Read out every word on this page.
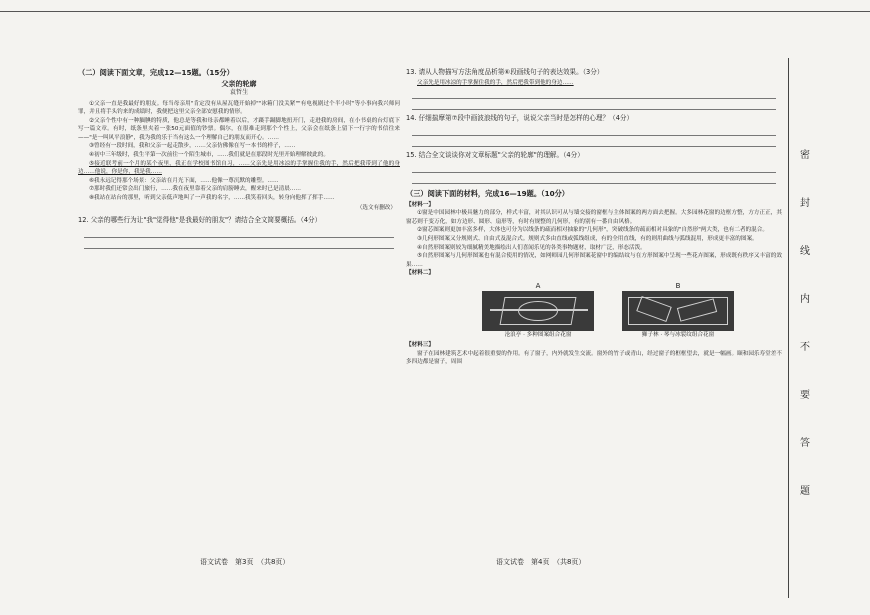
（二）阅读下面文章，完成12—15题。（15分）
父亲的轮廓
袁哲生

①父亲一直是我最好的朋友。每当母亲用"肯定没有从屋瓦缝开始掉""冰箱门没关紧""有电视剧过个半小时"等小事向我兴师问罪，并且将手头钓来的成绩时，我便把这里父亲全部安慰我的情形。

②父亲个性中有一种腼腆的特质，他总是等我和母亲都睡着以后，才蹑手蹑脚地扭开门，走进我的房间，在小书桌的台灯底下写一篇文章。有时，纸条里夹着一张50元面值的钞票。偶尔，在很难走到那个个性上，父亲会在纸条上留下一行字的书信往来——"是一叫风平浪静"，我为我的乐于当有这么一个理解自己的朋友而开心。……

③曾经有一段时间，我和父亲一起走散步，……父亲仿佛像在写一本书的样子，……

④初中三年级时，我生平第一次前往一个陌生城市，……我们就是在那段时光里开始理解彼此的。

⑤接近联考前一个月的某个夜里，我正在学校图书馆自习，……父亲先是用冰凉的手掌握住我的手，然后把我带到了他的身边……他说，你是你，我是我……

⑥我永远记得那个场景：父亲站在月光下面，……他像一尊沉默的雕塑。……

⑦那时我们还常会出门旅行，……我在夜里靠着父亲的肩膀睡去，醒来时已是清晨……

⑧我站在站台的那里，听到父亲低声地叫了一声我的名字，……我笑着回头，转身向他挥了挥手……

（选文有删改）

12. 父亲的哪些行为让"我"觉得他"是我最好的朋友"？请结合全文简要概括。（4分）

13. 请从人物描写方法角度品析第⑥段画线句子的表达效果。（3分）

父亲先是用冰凉的手掌握住我的手，然后把我带到他的身边……

14. 仔细揣摩第⑦段中画波浪线的句子，说说父亲当时是怎样的心理？（4分）

15. 结合全文谈谈你对文章标题"父亲的轮廓"的理解。（4分）

（三）阅读下面的材料，完成16—19题。（10分）
【材料一】

①窗是中国园林中极具魅力的部分，样式丰富，对其认识可从与墙交接的窗框与主体图案的两方面去把握。大多园林花窗的边框方整，方方正正，其窗芯则千变万化，如方边形、圆形、扇形等，有时有规整的几何形，有的别有一番自由风格。

②窗芯图案则更加丰富多样，大体也可分为以线条的疏而相对抽象的"几何形"，突破线条的疏而相对具象的"自然形"两大类，也有二者的混合。

③几何形图案又分规则式、自由式及混合式。规则式多由直线或弧线组成，有的全用直线，有的则用曲线与弧线混用，形成更丰富的图案。

④自然形图案则较为细腻精美地描绘出人们喜闻乐见的各类事物题材，取材广泛，形态活泼。

⑤自然形图案与几何形图案也有混合使用的情况，如网师园几何形图案花窗中的编结纹与在方形图案中呈现一些花卉图案，形成既有秩序又丰富的效果……

【材料二】
A
沧浪亭 · 多种图案组合花窗
B
狮子林 · 琴与冰裂纹组合花窗
【材料三】

窗子在园林建筑艺术中起着很重要的作用。有了窗子，内外就发生交流。窗外的竹子或青山，经过窗子的框框望去，就是一幅画。颐和园乐寿堂差不多四边都是窗子，周围

密
封
线
内
不
要
答
题
语文试卷　第3页　（共8页）	语文试卷　第4页　（共8页）
